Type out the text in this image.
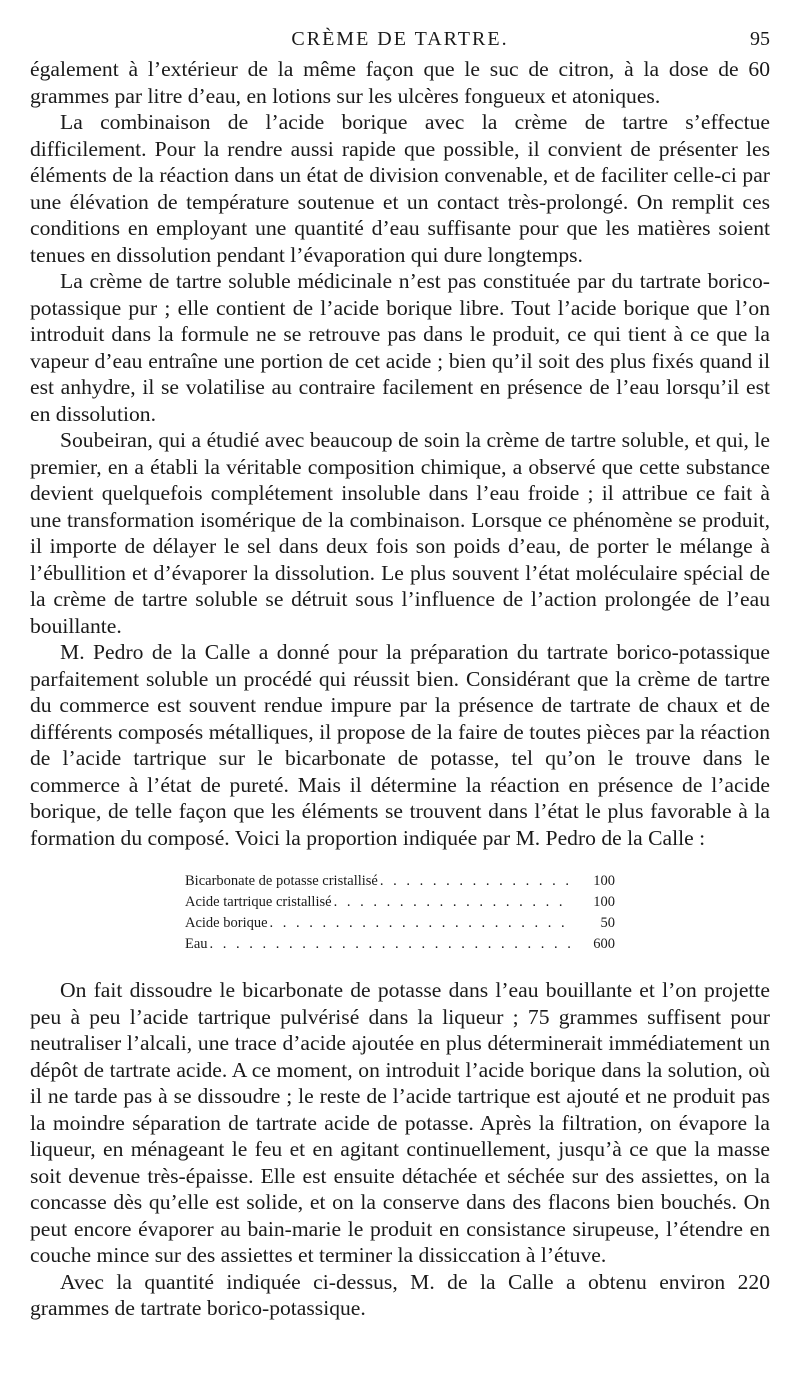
CRÈME DE TARTRE.	95

également à l’extérieur de la même façon que le suc de citron, à la dose de 60 grammes par litre d’eau, en lotions sur les ulcères fongueux et atoniques.

La combinaison de l’acide borique avec la crème de tartre s’effectue difficilement. Pour la rendre aussi rapide que possible, il convient de présenter les éléments de la réaction dans un état de division convenable, et de faciliter celle-ci par une élévation de température soutenue et un contact très-prolongé. On remplit ces conditions en employant une quantité d’eau suffisante pour que les matières soient tenues en dissolution pendant l’évaporation qui dure longtemps.

La crème de tartre soluble médicinale n’est pas constituée par du tartrate borico-potassique pur ; elle contient de l’acide borique libre. Tout l’acide borique que l’on introduit dans la formule ne se retrouve pas dans le produit, ce qui tient à ce que la vapeur d’eau entraîne une portion de cet acide ; bien qu’il soit des plus fixés quand il est anhydre, il se volatilise au contraire facilement en présence de l’eau lorsqu’il est en dissolution.

Soubeiran, qui a étudié avec beaucoup de soin la crème de tartre soluble, et qui, le premier, en a établi la véritable composition chimique, a observé que cette substance devient quelquefois complétement insoluble dans l’eau froide ; il attribue ce fait à une transformation isomérique de la combinaison. Lorsque ce phénomène se produit, il importe de délayer le sel dans deux fois son poids d’eau, de porter le mélange à l’ébullition et d’évaporer la dissolution. Le plus souvent l’état moléculaire spécial de la crème de tartre soluble se détruit sous l’influence de l’action prolongée de l’eau bouillante.

M. Pedro de la Calle a donné pour la préparation du tartrate borico-potassique parfaitement soluble un procédé qui réussit bien. Considérant que la crème de tartre du commerce est souvent rendue impure par la présence de tartrate de chaux et de différents composés métalliques, il propose de la faire de toutes pièces par la réaction de l’acide tartrique sur le bicarbonate de potasse, tel qu’on le trouve dans le commerce à l’état de pureté. Mais il détermine la réaction en présence de l’acide borique, de telle façon que les éléments se trouvent dans l’état le plus favorable à la formation du composé. Voici la proportion indiquée par M. Pedro de la Calle :

Bicarbonate de potasse cristallisé . . .	100
Acide tartrique cristallisé . . .	100
Acide borique . . .	50
Eau . . .	600

On fait dissoudre le bicarbonate de potasse dans l’eau bouillante et l’on projette peu à peu l’acide tartrique pulvérisé dans la liqueur ; 75 grammes suffisent pour neutraliser l’alcali, une trace d’acide ajoutée en plus déterminerait immédiatement un dépôt de tartrate acide. A ce moment, on introduit l’acide borique dans la solution, où il ne tarde pas à se dissoudre ; le reste de l’acide tartrique est ajouté et ne produit pas la moindre séparation de tartrate acide de potasse. Après la filtration, on évapore la liqueur, en ménageant le feu et en agitant continuellement, jusqu’à ce que la masse soit devenue très-épaisse. Elle est ensuite détachée et séchée sur des assiettes, on la concasse dès qu’elle est solide, et on la conserve dans des flacons bien bouchés. On peut encore évaporer au bain-marie le produit en consistance sirupeuse, l’étendre en couche mince sur des assiettes et terminer la dissiccation à l’étuve.

Avec la quantité indiquée ci-dessus, M. de la Calle a obtenu environ 220 grammes de tartrate borico-potassique.
